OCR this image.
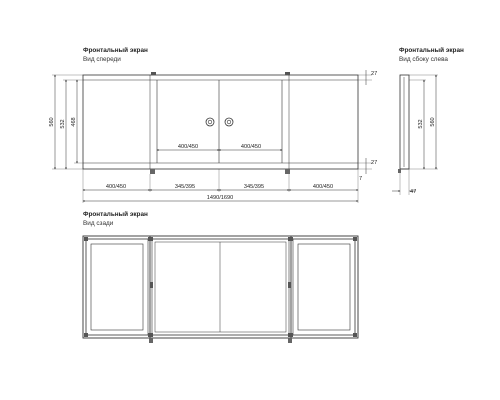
Фронтальный экран
Вид спереди
Фронтальный экран
Вид сбоку слева
Фронтальный экран
Вид сзади
560 532 468
27
27
7
400/450	400/450
400/450	345/395	345/395	400/450
1490/1690
532 560
47
